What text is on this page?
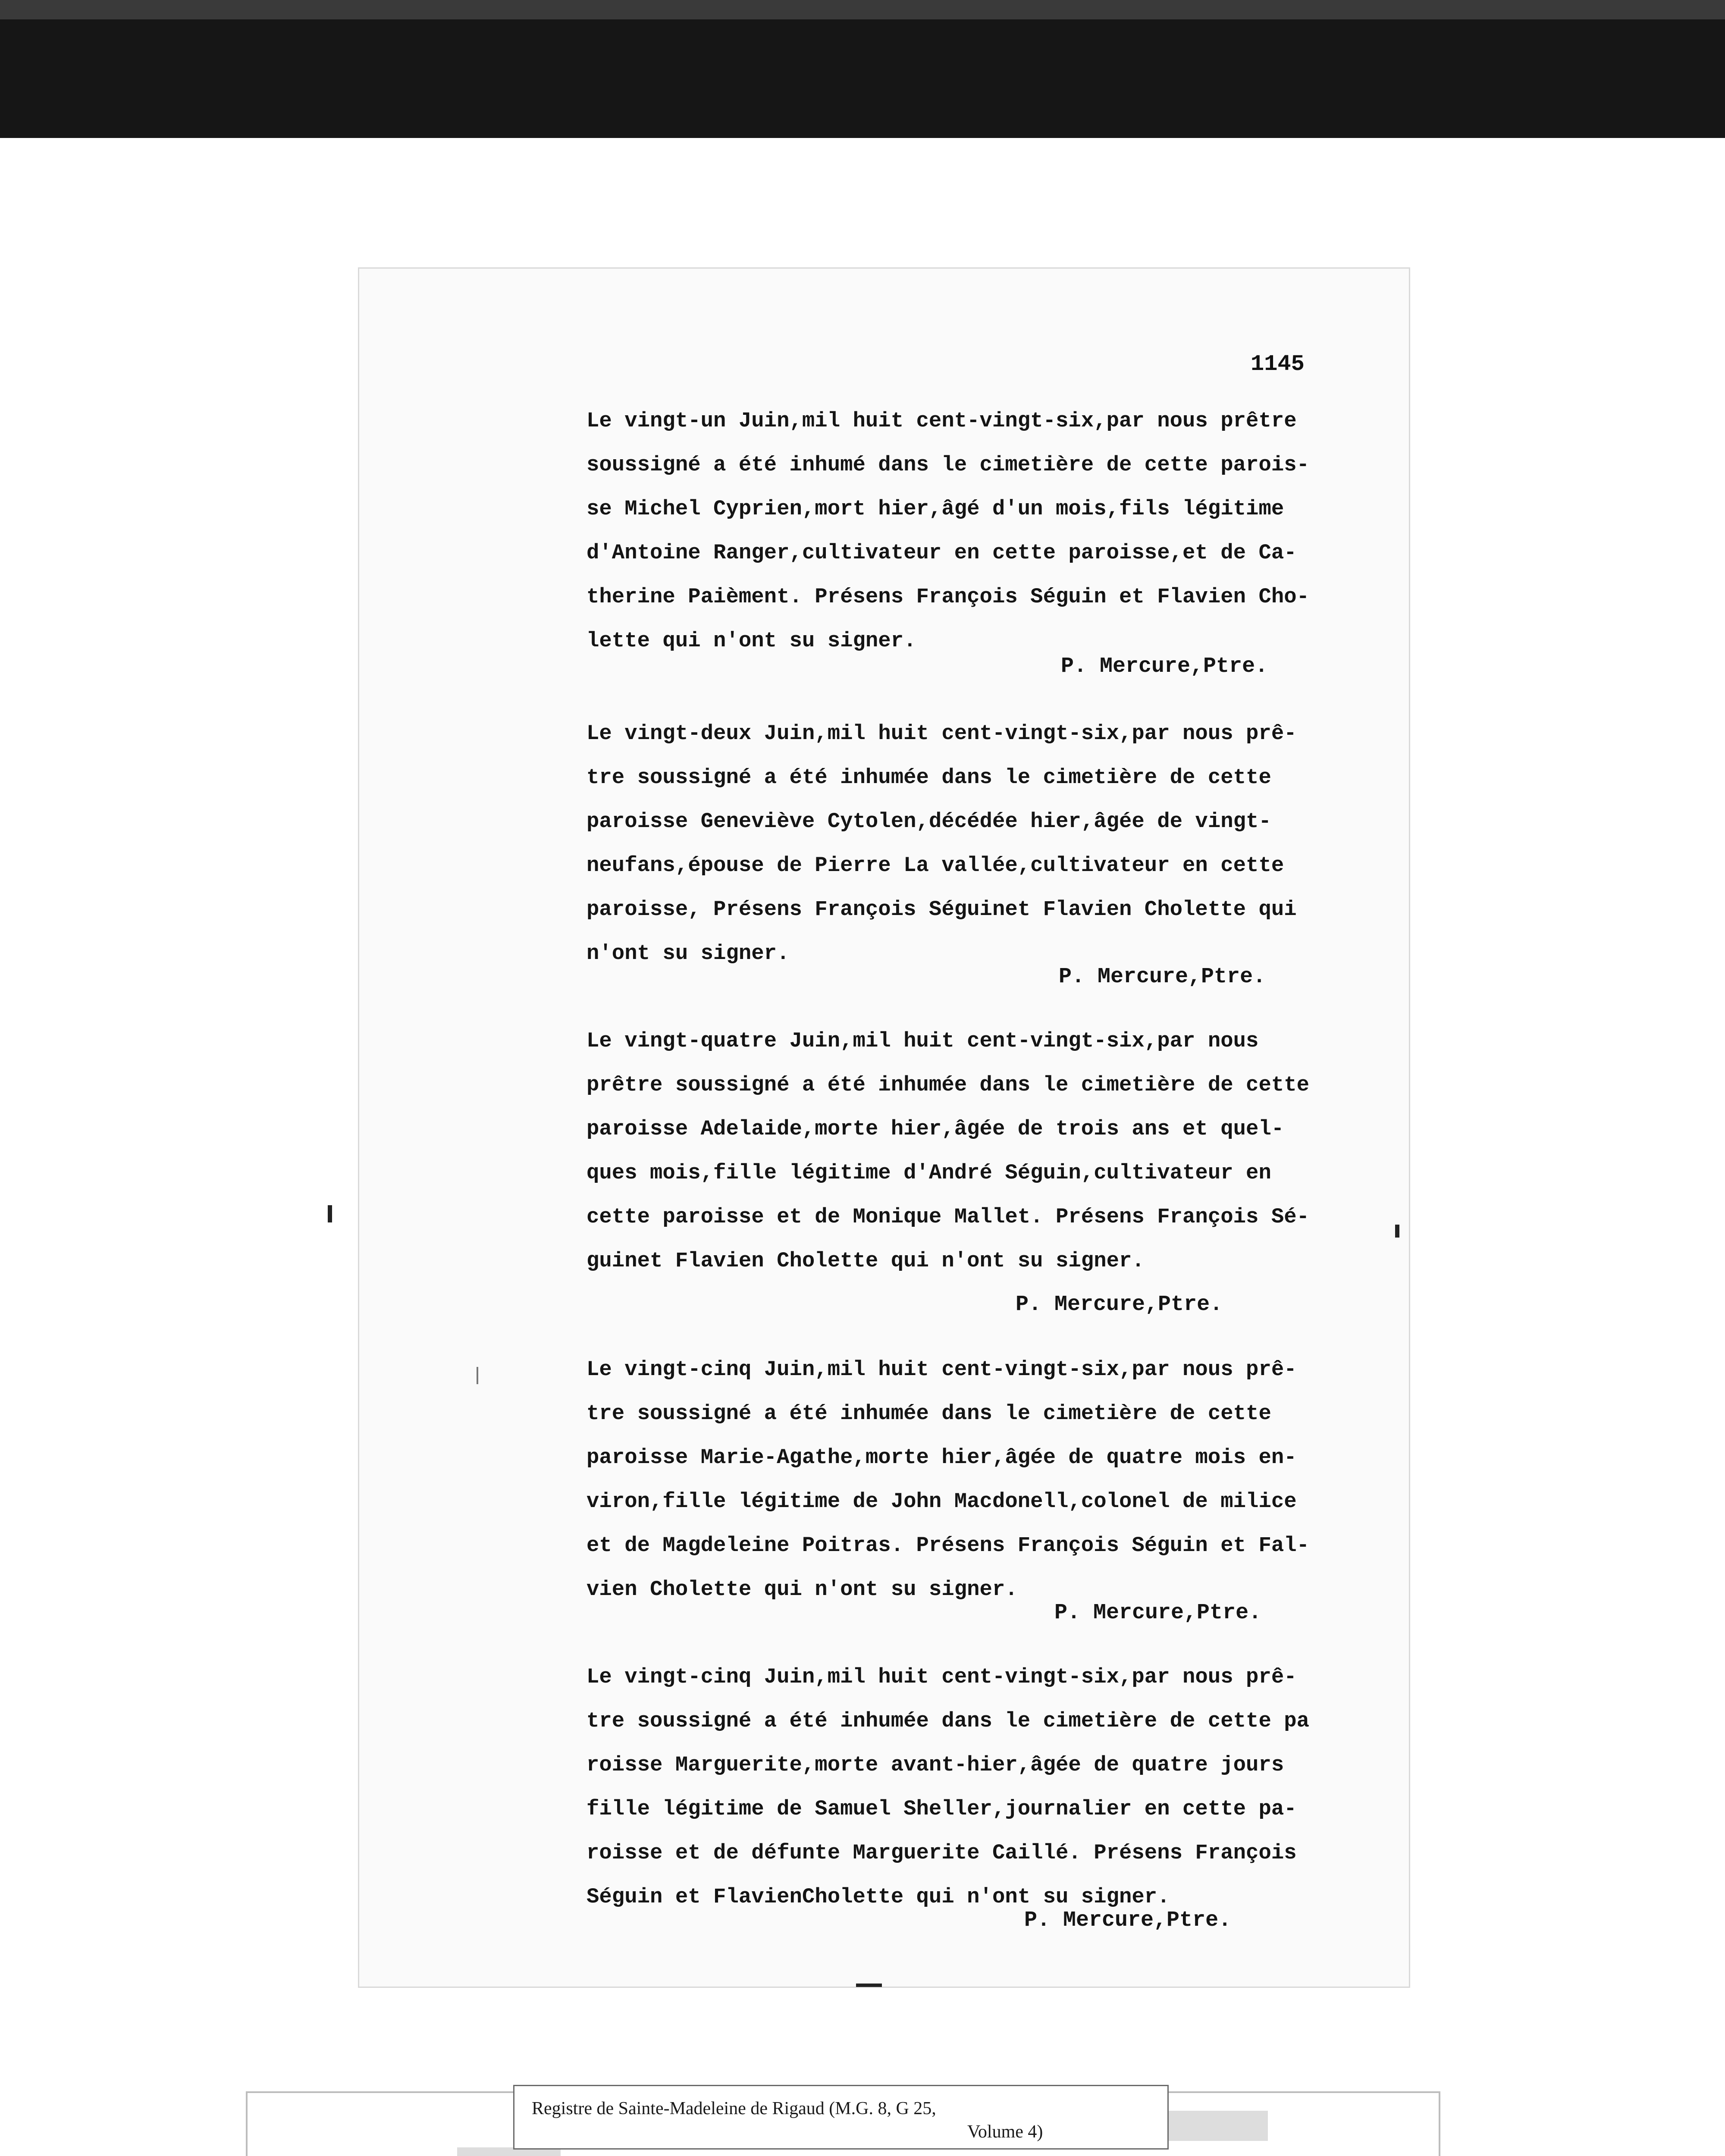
1145
Le vingt-un Juin,mil huit cent-vingt-six,par nous prêtre
soussigné a été inhumé dans le cimetière de cette parois-
se Michel Cyprien,mort hier,âgé d'un mois,fils légitime
d'Antoine Ranger,cultivateur en cette paroisse,et de Ca-
therine Paièment. Présens François Séguin et Flavien Cho-
lette qui n'ont su signer.
P. Mercure,Ptre.
Le vingt-deux Juin,mil huit cent-vingt-six,par nous prê-
tre soussigné a été inhumée dans le cimetière de cette
paroisse Geneviève Cytolen,décédée hier,âgée de vingt-
neufans,épouse de Pierre La vallée,cultivateur en cette
paroisse, Présens François Séguinet Flavien Cholette qui
n'ont su signer.
P. Mercure,Ptre.
Le vingt-quatre Juin,mil huit cent-vingt-six,par nous
prêtre soussigné a été inhumée dans le cimetière de cette
paroisse Adelaide,morte hier,âgée de trois ans et quel-
ques mois,fille légitime d'André Séguin,cultivateur en
cette paroisse et de Monique Mallet. Présens François Sé-
guinet Flavien Cholette qui n'ont su signer.
P. Mercure,Ptre.
Le vingt-cinq Juin,mil huit cent-vingt-six,par nous prê-
tre soussigné a été inhumée dans le cimetière de cette
paroisse Marie-Agathe,morte hier,âgée de quatre mois en-
viron,fille légitime de John Macdonell,colonel de milice
et de Magdeleine Poitras. Présens François Séguin et Fal-
vien Cholette qui n'ont su signer.
P. Mercure,Ptre.
Le vingt-cinq Juin,mil huit cent-vingt-six,par nous prê-
tre soussigné a été inhumée dans le cimetière de cette pa
roisse Marguerite,morte avant-hier,âgée de quatre jours
fille légitime de Samuel Sheller,journalier en cette pa-
roisse et de défunte Marguerite Caillé. Présens François
Séguin et FlavienCholette qui n'ont su signer.
P. Mercure,Ptre.
Registre de Sainte-Madeleine de Rigaud (M.G. 8, G 25,
Volume 4)
